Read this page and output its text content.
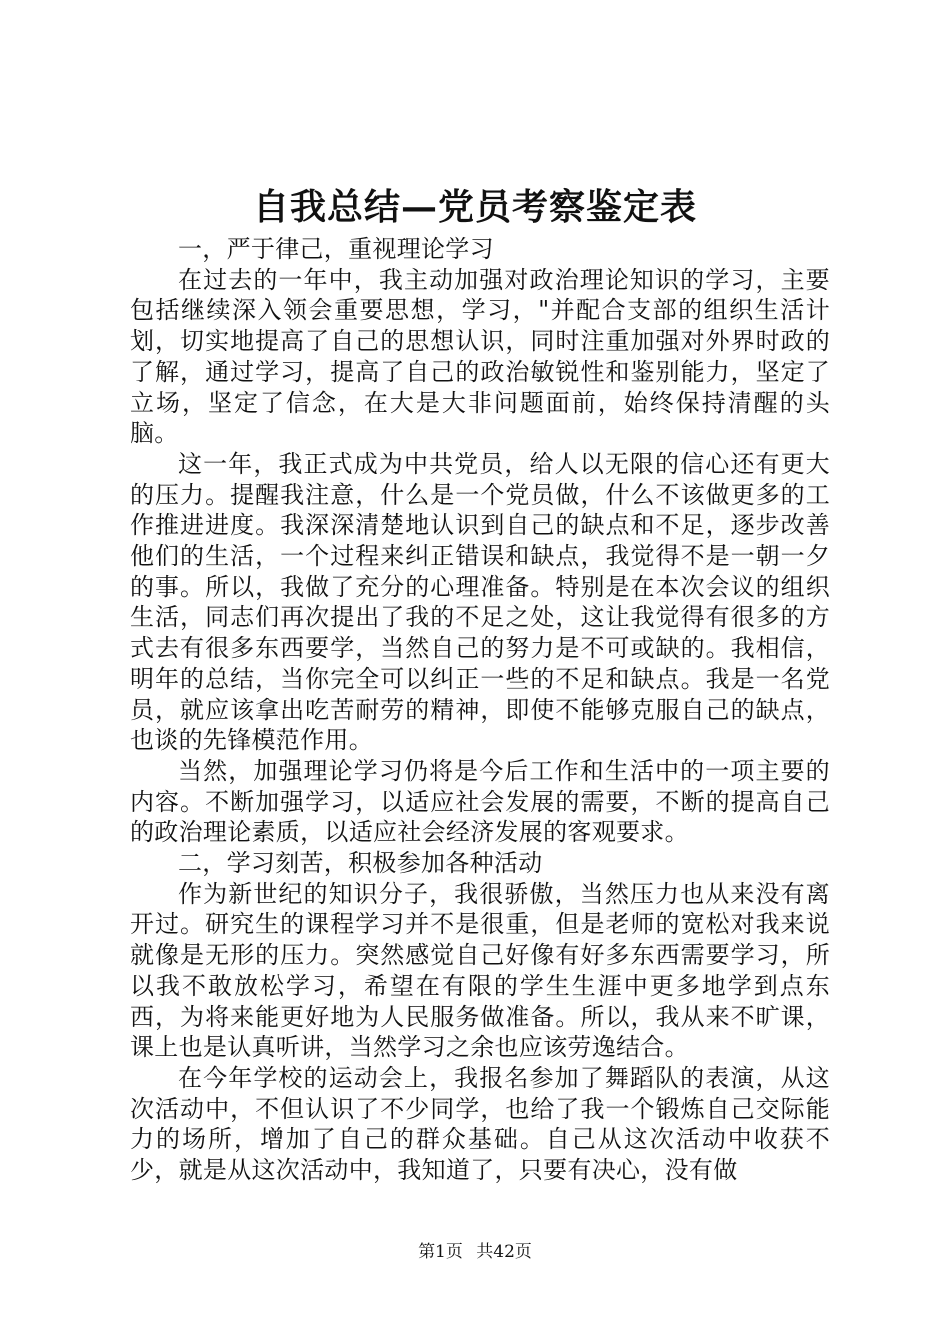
自我总结—党员考察鉴定表

一，严于律己，重视理论学习

在过去的一年中，我主动加强对政治理论知识的学习，主要包括继续深入领会重要思想，学习，"并配合支部的组织生活计划，切实地提高了自己的思想认识，同时注重加强对外界时政的了解，通过学习，提高了自己的政治敏锐性和鉴别能力，坚定了立场，坚定了信念，在大是大非问题面前，始终保持清醒的头脑。

这一年，我正式成为中共党员，给人以无限的信心还有更大的压力。提醒我注意，什么是一个党员做，什么不该做更多的工作推进进度。我深深清楚地认识到自己的缺点和不足，逐步改善他们的生活，一个过程来纠正错误和缺点，我觉得不是一朝一夕的事。所以，我做了充分的心理准备。特别是在本次会议的组织生活，同志们再次提出了我的不足之处，这让我觉得有很多的方式去有很多东西要学，当然自己的努力是不可或缺的。我相信，明年的总结，当你完全可以纠正一些的不足和缺点。我是一名党员，就应该拿出吃苦耐劳的精神，即使不能够克服自己的缺点，也谈的先锋模范作用。

当然，加强理论学习仍将是今后工作和生活中的一项主要的内容。不断加强学习，以适应社会发展的需要，不断的提高自己的政治理论素质，以适应社会经济发展的客观要求。

二，学习刻苦，积极参加各种活动

作为新世纪的知识分子，我很骄傲，当然压力也从来没有离开过。研究生的课程学习并不是很重，但是老师的宽松对我来说就像是无形的压力。突然感觉自己好像有好多东西需要学习，所以我不敢放松学习，希望在有限的学生生涯中更多地学到点东西，为将来能更好地为人民服务做准备。所以，我从来不旷课，课上也是认真听讲，当然学习之余也应该劳逸结合。

在今年学校的运动会上，我报名参加了舞蹈队的表演，从这次活动中，不但认识了不少同学，也给了我一个锻炼自己交际能力的场所，增加了自己的群众基础。自己从这次活动中收获不少，就是从这次活动中，我知道了，只要有决心，没有做

第1页 共42页
